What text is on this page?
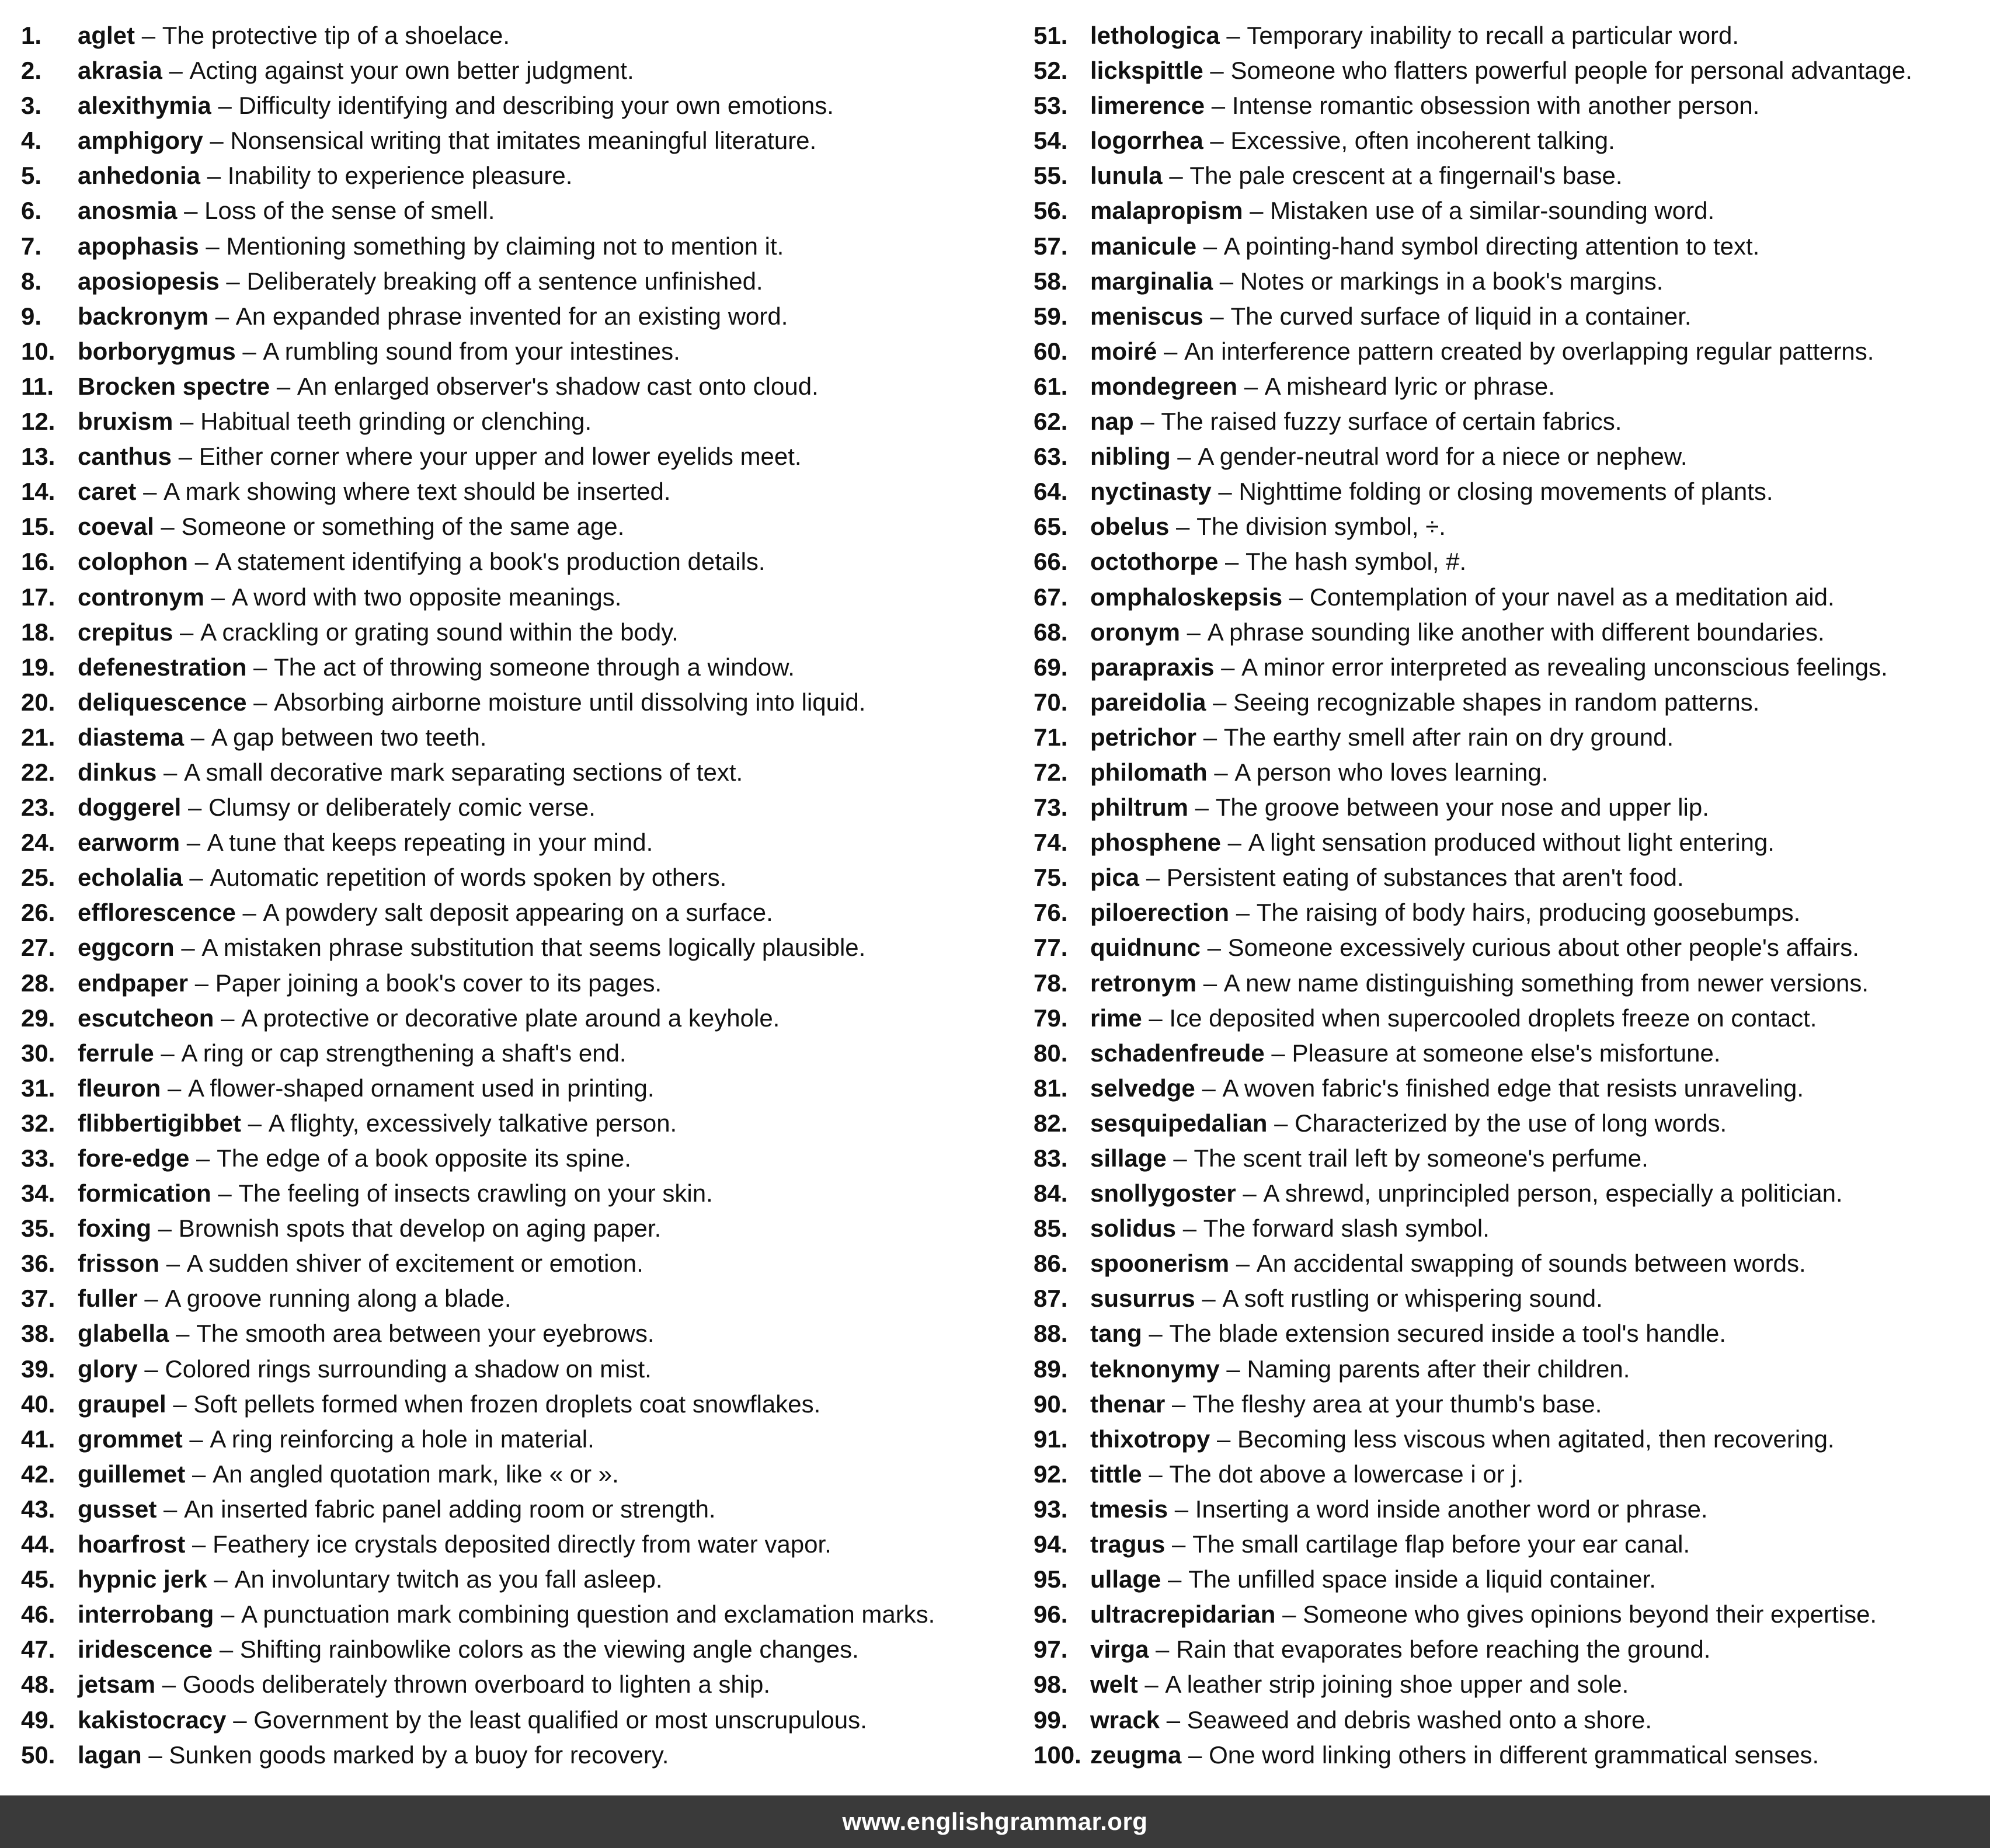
1.	aglet – The protective tip of a shoelace.
2.	akrasia – Acting against your own better judgment.
3.	alexithymia – Difficulty identifying and describing your own emotions.
4.	amphigory – Nonsensical writing that imitates meaningful literature.
5.	anhedonia – Inability to experience pleasure.
6.	anosmia – Loss of the sense of smell.
7.	apophasis – Mentioning something by claiming not to mention it.
8.	aposiopesis – Deliberately breaking off a sentence unfinished.
9.	backronym – An expanded phrase invented for an existing word.
10. borborygmus – A rumbling sound from your intestines.
11. Brocken spectre – An enlarged observer's shadow cast onto cloud.
12. bruxism – Habitual teeth grinding or clenching.
13. canthus – Either corner where your upper and lower eyelids meet.
14. caret – A mark showing where text should be inserted.
15. coeval – Someone or something of the same age.
16. colophon – A statement identifying a book's production details.
17. contronym – A word with two opposite meanings.
18. crepitus – A crackling or grating sound within the body.
19. defenestration – The act of throwing someone through a window.
20. deliquescence – Absorbing airborne moisture until dissolving into liquid.
21. diastema – A gap between two teeth.
22. dinkus – A small decorative mark separating sections of text.
23. doggerel – Clumsy or deliberately comic verse.
24. earworm – A tune that keeps repeating in your mind.
25. echolalia – Automatic repetition of words spoken by others.
26. efflorescence – A powdery salt deposit appearing on a surface.
27. eggcorn – A mistaken phrase substitution that seems logically plausible.
28. endpaper – Paper joining a book's cover to its pages.
29. escutcheon – A protective or decorative plate around a keyhole.
30. ferrule – A ring or cap strengthening a shaft's end.
31. fleuron – A flower-shaped ornament used in printing.
32. flibbertigibbet – A flighty, excessively talkative person.
33. fore-edge – The edge of a book opposite its spine.
34. formication – The feeling of insects crawling on your skin.
35. foxing – Brownish spots that develop on aging paper.
36. frisson – A sudden shiver of excitement or emotion.
37. fuller – A groove running along a blade.
38. glabella – The smooth area between your eyebrows.
39. glory – Colored rings surrounding a shadow on mist.
40. graupel – Soft pellets formed when frozen droplets coat snowflakes.
41. grommet – A ring reinforcing a hole in material.
42. guillemet – An angled quotation mark, like « or ».
43. gusset – An inserted fabric panel adding room or strength.
44. hoarfrost – Feathery ice crystals deposited directly from water vapor.
45. hypnic jerk – An involuntary twitch as you fall asleep.
46. interrobang – A punctuation mark combining question and exclamation marks.
47. iridescence – Shifting rainbowlike colors as the viewing angle changes.
48. jetsam – Goods deliberately thrown overboard to lighten a ship.
49. kakistocracy – Government by the least qualified or most unscrupulous.
50. lagan – Sunken goods marked by a buoy for recovery.
51. lethologica – Temporary inability to recall a particular word.
52. lickspittle – Someone who flatters powerful people for personal advantage.
53. limerence – Intense romantic obsession with another person.
54. logorrhea – Excessive, often incoherent talking.
55. lunula – The pale crescent at a fingernail's base.
56. malapropism – Mistaken use of a similar-sounding word.
57. manicule – A pointing-hand symbol directing attention to text.
58. marginalia – Notes or markings in a book's margins.
59. meniscus – The curved surface of liquid in a container.
60. moiré – An interference pattern created by overlapping regular patterns.
61. mondegreen – A misheard lyric or phrase.
62. nap – The raised fuzzy surface of certain fabrics.
63. nibling – A gender-neutral word for a niece or nephew.
64. nyctinasty – Nighttime folding or closing movements of plants.
65. obelus – The division symbol, ÷.
66. octothorpe – The hash symbol, #.
67. omphaloskepsis – Contemplation of your navel as a meditation aid.
68. oronym – A phrase sounding like another with different boundaries.
69. parapraxis – A minor error interpreted as revealing unconscious feelings.
70. pareidolia – Seeing recognizable shapes in random patterns.
71. petrichor – The earthy smell after rain on dry ground.
72. philomath – A person who loves learning.
73. philtrum – The groove between your nose and upper lip.
74. phosphene – A light sensation produced without light entering.
75. pica – Persistent eating of substances that aren't food.
76. piloerection – The raising of body hairs, producing goosebumps.
77. quidnunc – Someone excessively curious about other people's affairs.
78. retronym – A new name distinguishing something from newer versions.
79. rime – Ice deposited when supercooled droplets freeze on contact.
80. schadenfreude – Pleasure at someone else's misfortune.
81. selvedge – A woven fabric's finished edge that resists unraveling.
82. sesquipedalian – Characterized by the use of long words.
83. sillage – The scent trail left by someone's perfume.
84. snollygoster – A shrewd, unprincipled person, especially a politician.
85. solidus – The forward slash symbol.
86. spoonerism – An accidental swapping of sounds between words.
87. susurrus – A soft rustling or whispering sound.
88. tang – The blade extension secured inside a tool's handle.
89. teknonymy – Naming parents after their children.
90. thenar – The fleshy area at your thumb's base.
91. thixotropy – Becoming less viscous when agitated, then recovering.
92. tittle – The dot above a lowercase i or j.
93. tmesis – Inserting a word inside another word or phrase.
94. tragus – The small cartilage flap before your ear canal.
95. ullage – The unfilled space inside a liquid container.
96. ultracrepidarian – Someone who gives opinions beyond their expertise.
97. virga – Rain that evaporates before reaching the ground.
98. welt – A leather strip joining shoe upper and sole.
99. wrack – Seaweed and debris washed onto a shore.
100. zeugma – One word linking others in different grammatical senses.
www.englishgrammar.org
